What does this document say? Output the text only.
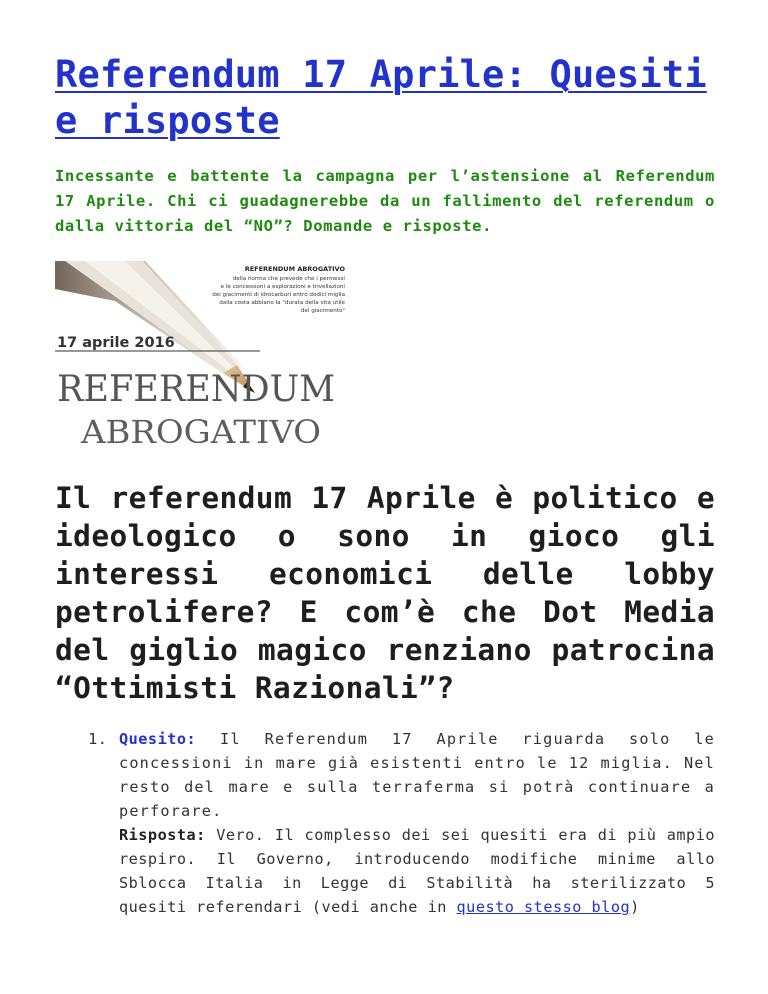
Referendum 17 Aprile: Quesiti e risposte

Incessante e battente la campagna per l’astensione al Referendum 17 Aprile. Chi ci guadagnerebbe da un fallimento del referendum o dalla vittoria del “NO”? Domande e risposte.

REFERENDUM ABROGATIVO
della norma che prevede che i permessi
e le concessioni a esplorazioni e trivellazioni
dei giacimenti di idrocarburi entro dodici miglia
dalla costa abbiano la "durata della vita utile
del giacimento"
17 aprile 2016
REFERENDUM
ABROGATIVO
Il referendum 17 Aprile è politico e ideologico o sono in gioco gli interessi economici delle lobby petrolifere? E com’è che Dot Media del giglio magico renziano patrocina “Ottimisti Razionali”?
1. Quesito: Il Referendum 17 Aprile riguarda solo le concessioni in mare già esistenti entro le 12 miglia. Nel resto del mare e sulla terraferma si potrà continuare a perforare.
Risposta: Vero. Il complesso dei sei quesiti era di più ampio respiro. Il Governo, introducendo modifiche minime allo Sblocca Italia in Legge di Stabilità ha sterilizzato 5 quesiti referendari (vedi anche in questo stesso blog)
